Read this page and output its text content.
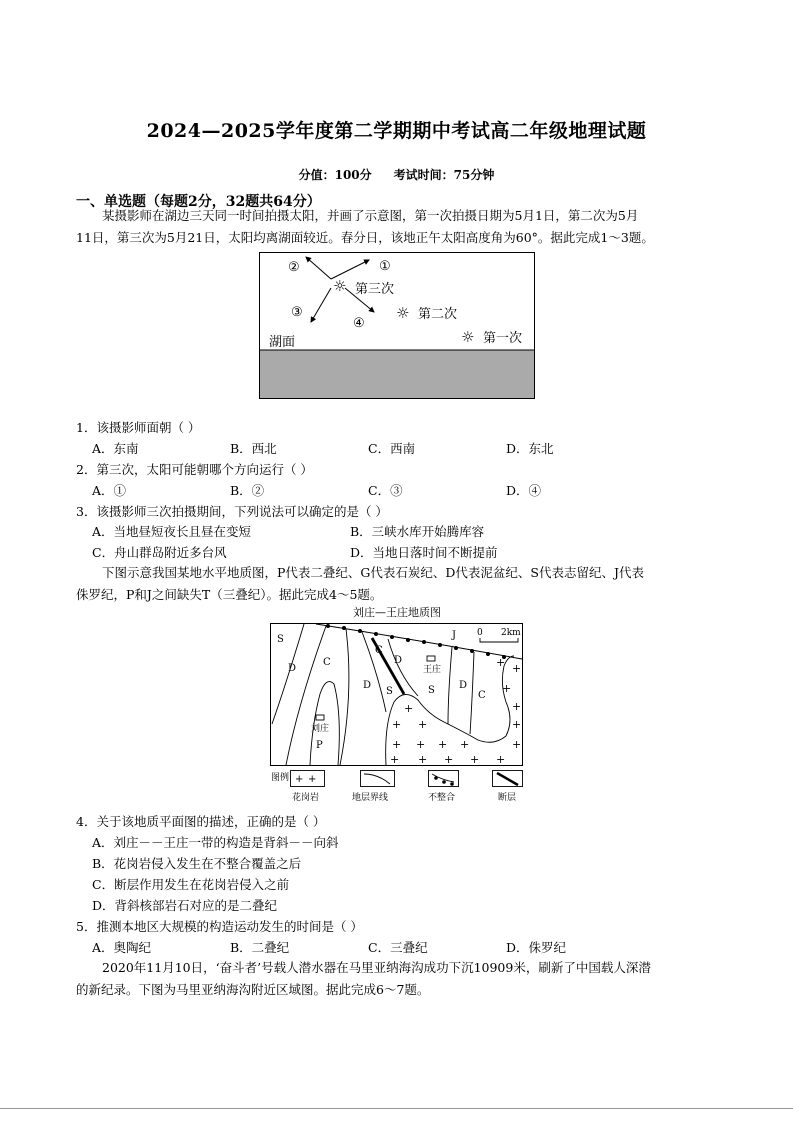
2024—2025学年度第二学期期中考试高二年级地理试题
分值：100分 考试时间：75分钟
一、单选题（每题2分，32题共64分）
某摄影师在湖边三天同一时间拍摄太阳，并画了示意图，第一次拍摄日期为5月1日，第二次为5月
11日，第三次为5月21日，太阳均离湖面较近。春分日，该地正午太阳高度角为60°。据此完成1～3题。
①
②
③
④
☼ 第三次
☼ 第二次
☼ 第一次
湖面
1．该摄影师面朝（ ）
A．东南	B．西北	C．西南	D．东北
2．第三次，太阳可能朝哪个方向运行（ ）
A．①	B．②	C．③	D．④
3．该摄影师三次拍摄期间，下列说法可以确定的是（ ）
A．当地昼短夜长且昼在变短	B．三峡水库开始腾库容
C．舟山群岛附近多台风	D．当地日落时间不断提前
下图示意我国某地水平地质图，P代表二叠纪、G代表石炭纪、D代表泥盆纪、S代表志留纪、J代表
侏罗纪，P和J之间缺失T（三叠纪）。据此完成4～5题。
刘庄—王庄地质图
0 2km
王庄
刘庄
S
D
C
C
D
D
S	S D
C
J
P
+
+ +
+ + + +
+ + + + +
+ +
+
+
+
+
图例 + +
花岗岩	地层界线	不整合	断层
4．关于该地质平面图的描述，正确的是（ ）
A．刘庄－－王庄一带的构造是背斜－－向斜
B．花岗岩侵入发生在不整合覆盖之后
C．断层作用发生在花岗岩侵入之前
D．背斜核部岩石对应的是二叠纪
5．推测本地区大规模的构造运动发生的时间是（ ）
A．奥陶纪	B．二叠纪	C．三叠纪	D．侏罗纪
2020年11月10日，‘奋斗者’号载人潜水器在马里亚纳海沟成功下沉10909米，刷新了中国载人深潜
的新纪录。下图为马里亚纳海沟附近区域图。据此完成6～7题。
